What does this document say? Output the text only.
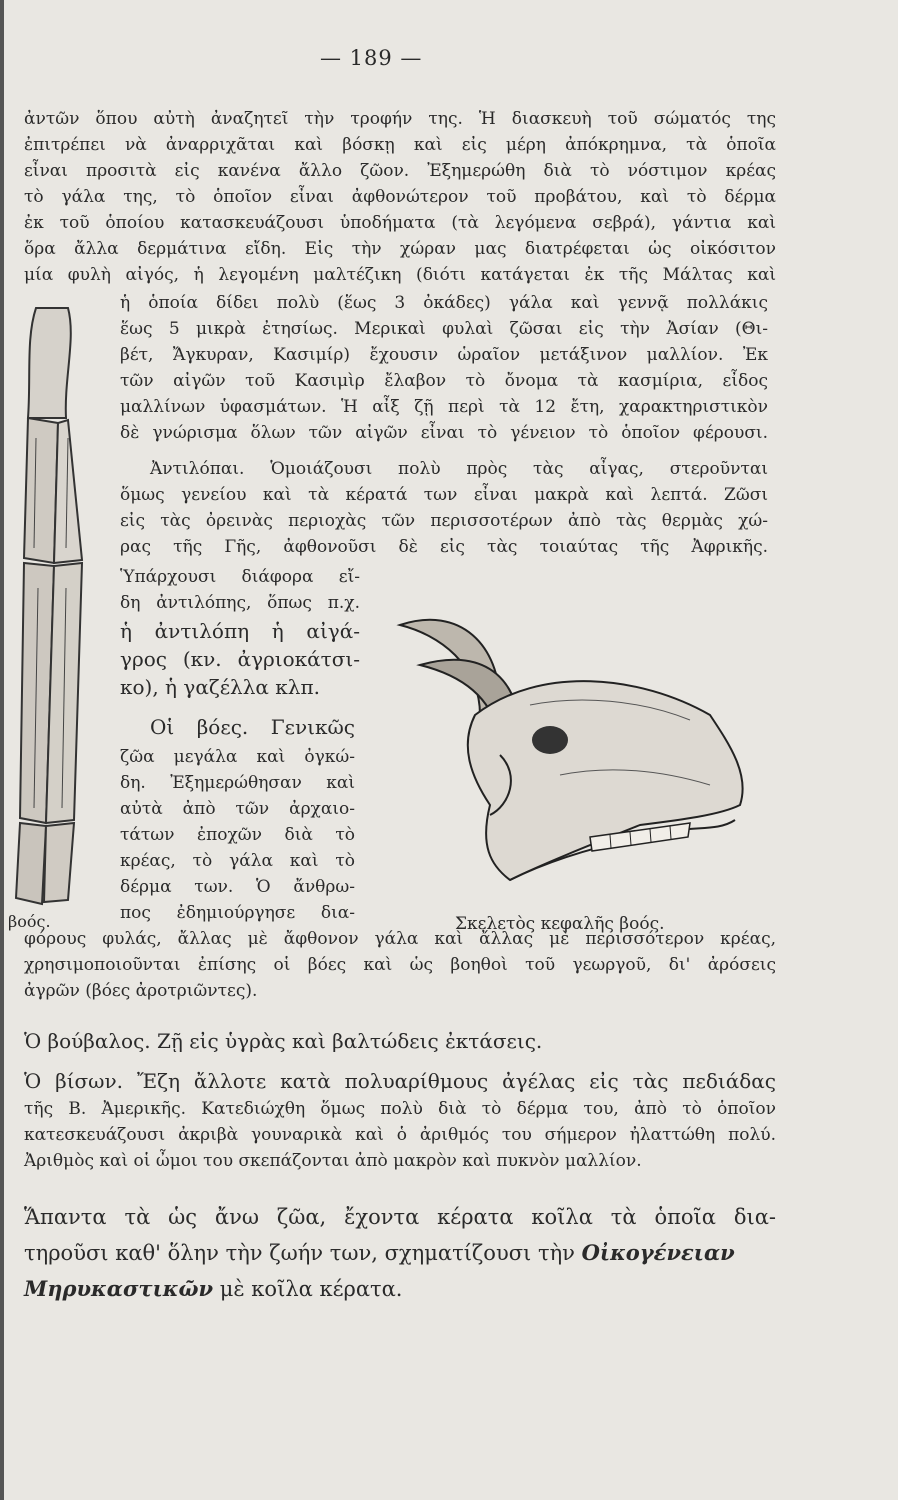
— 189 —
ἀντῶν ὅπου αὐτὴ ἀναζητεῖ τὴν τροφήν της. Ἡ διασκευὴ τοῦ σώματός της
ἐπιτρέπει νὰ ἀναρριχᾶται καὶ βόσκῃ καὶ εἰς μέρη ἀπόκρημνα, τὰ ὁποῖα
εἶναι προσιτὰ εἰς κανένα ἄλλο ζῶον. Ἐξημερώθη διὰ τὸ νόστιμον κρέας
τὸ γάλα της, τὸ ὁποῖον εἶναι ἀφθονώτερον τοῦ προβάτου, καὶ τὸ δέρμα
ἐκ τοῦ ὁποίου κατασκευάζουσι ὑποδήματα (τὰ λεγόμενα σεβρά), γάντια καὶ
ὅρα ἄλλα δερμάτινα εἴδη. Εἰς τὴν χώραν μας διατρέφεται ὡς οἰκόσιτον
μία φυλὴ αἰγός, ἡ λεγομένη μαλτέζικη (διότι κατάγεται ἐκ τῆς Μάλτας καὶ
ἡ ὁποία δίδει πολὺ (ἕως 3 ὀκάδες) γάλα καὶ γεννᾷ πολλάκις
ἕως 5 μικρὰ ἐτησίως. Μερικαὶ φυλαὶ ζῶσαι εἰς τὴν Ἀσίαν (Θι-
βέτ, Ἄγκυραν, Κασιμίρ) ἔχουσιν ὡραῖον μετάξινον μαλλίον. Ἐκ
τῶν αἰγῶν τοῦ Κασιμὶρ ἔλαβον τὸ ὄνομα τὰ κασμίρια, εἶδος
μαλλίνων ὑφασμάτων. Ἡ αἶξ ζῇ περὶ τὰ 12 ἔτη, χαρακτηριστικὸν
δὲ γνώρισμα ὅλων τῶν αἰγῶν εἶναι τὸ γένειον τὸ ὁποῖον φέρουσι.
Ἀντιλόπαι. Ὁμοιάζουσι πολὺ πρὸς τὰς αἶγας, στεροῦνται
ὅμως γενείου καὶ τὰ κέρατά των εἶναι μακρὰ καὶ λεπτά. Ζῶσι
εἰς τὰς ὀρεινὰς περιοχὰς τῶν περισσοτέρων ἀπὸ τὰς θερμὰς χώ-
ρας τῆς Γῆς, ἀφθονοῦσι δὲ εἰς τὰς τοιαύτας τῆς Ἀφρικῆς.
Ὑπάρχουσι διάφορα εἴ-
δη ἀντιλόπης, ὅπως π.χ.
ἡ ἀντιλόπη ἡ αἰγά-
γρος (κν. ἀγριοκάτσι-
κο), ἡ γαζέλλα κλπ.
Οἱ βόες. Γενικῶς
ζῶα μεγάλα καὶ ὀγκώ-
δη. Ἐξημερώθησαν καὶ
αὐτὰ ἀπὸ τῶν ἀρχαιο-
τάτων ἐποχῶν διὰ τὸ
κρέας, τὸ γάλα καὶ τὸ
δέρμα των. Ὁ ἄνθρω-
πος ἐδημιούργησε δια-
φόρους φυλάς, ἄλλας μὲ ἄφθονον γάλα καὶ ἄλλας μὲ περισσότερον κρέας,
χρησιμοποιοῦνται ἐπίσης οἱ βόες καὶ ὡς βοηθοὶ τοῦ γεωργοῦ, δι' ἀρόσεις
ἀγρῶν (βόες ἀροτριῶντες).
Ὁ βούβαλος. Ζῇ εἰς ὑγρὰς καὶ βαλτώδεις ἐκτάσεις.
Ὁ βίσων. Ἔζη ἄλλοτε κατὰ πολυαρίθμους ἀγέλας εἰς τὰς πεδιάδας
τῆς Β. Ἀμερικῆς. Κατεδιώχθη ὅμως πολὺ διὰ τὸ δέρμα του, ἀπὸ τὸ ὁποῖον
κατεσκευάζουσι ἀκριβὰ γουναρικὰ καὶ ὁ ἀριθμός του σήμερον ἠλαττώθη πολύ.
Ἀριθμὸς καὶ οἱ ὦμοι του σκεπάζονται ἀπὸ μακρὸν καὶ πυκνὸν μαλλίον.
Ἅπαντα τὰ ὡς ἄνω ζῶα, ἔχοντα κέρατα κοῖλα τὰ ὁποῖα δια-
τηροῦσι καθ' ὅλην τὴν ζωήν των, σχηματίζουσι τὴν Οἰκογένειαν
Μηρυκαστικῶν μὲ κοῖλα κέρατα.
βοός.	Σκελετὸς κεφαλῆς βοός.
